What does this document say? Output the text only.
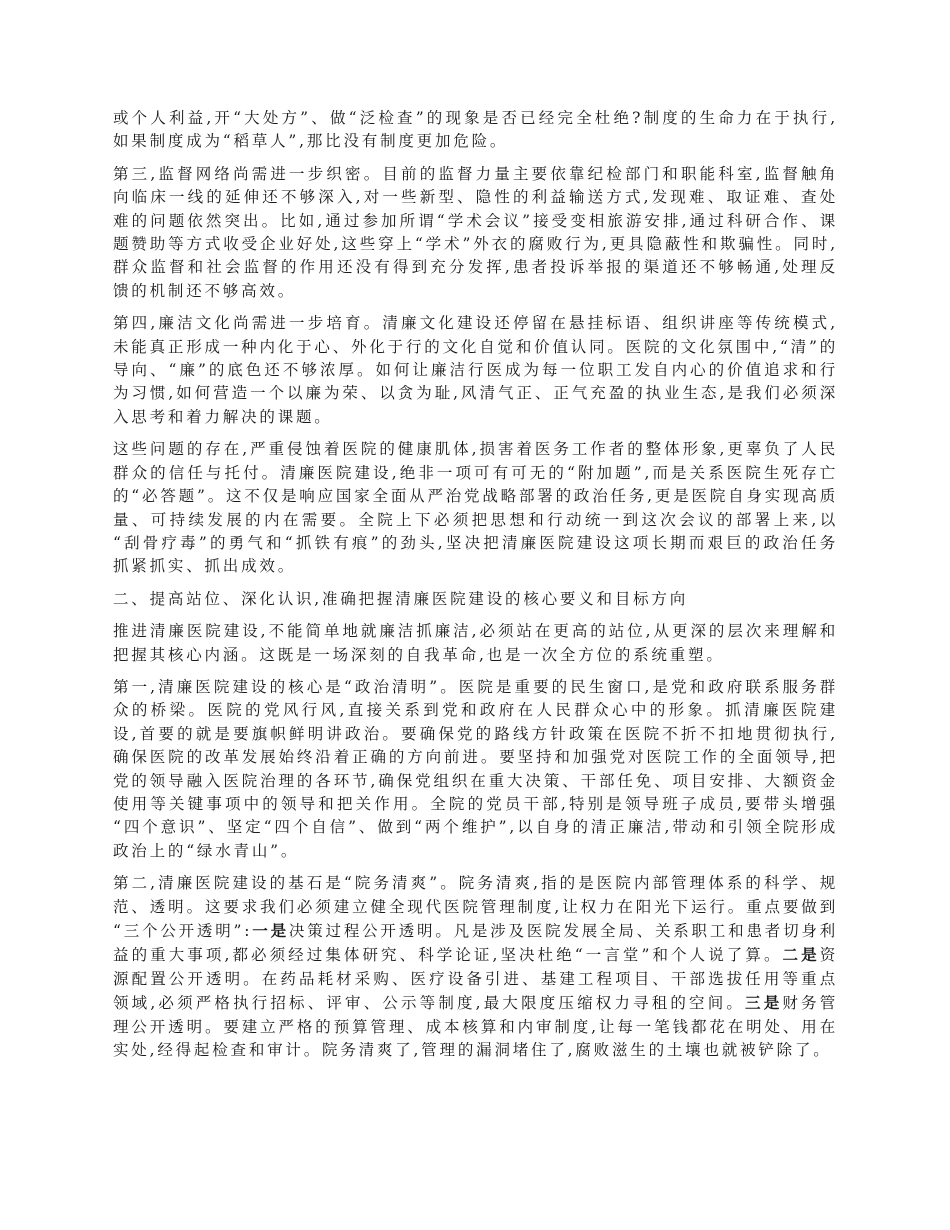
或个人利益,开“大处方”、做“泛检查”的现象是否已经完全杜绝?制度的生命力在于执行,如果制度成为“稻草人”,那比没有制度更加危险。

第三,监督网络尚需进一步织密。目前的监督力量主要依靠纪检部门和职能科室,监督触角向临床一线的延伸还不够深入,对一些新型、隐性的利益输送方式,发现难、取证难、查处难的问题依然突出。比如,通过参加所谓“学术会议”接受变相旅游安排,通过科研合作、课题赞助等方式收受企业好处,这些穿上“学术”外衣的腐败行为,更具隐蔽性和欺骗性。同时,群众监督和社会监督的作用还没有得到充分发挥,患者投诉举报的渠道还不够畅通,处理反馈的机制还不够高效。

第四,廉洁文化尚需进一步培育。清廉文化建设还停留在悬挂标语、组织讲座等传统模式,未能真正形成一种内化于心、外化于行的文化自觉和价值认同。医院的文化氛围中,“清”的导向、“廉”的底色还不够浓厚。如何让廉洁行医成为每一位职工发自内心的价值追求和行为习惯,如何营造一个以廉为荣、以贪为耻,风清气正、正气充盈的执业生态,是我们必须深入思考和着力解决的课题。

这些问题的存在,严重侵蚀着医院的健康肌体,损害着医务工作者的整体形象,更辜负了人民群众的信任与托付。清廉医院建设,绝非一项可有可无的“附加题”,而是关系医院生死存亡的“必答题”。这不仅是响应国家全面从严治党战略部署的政治任务,更是医院自身实现高质量、可持续发展的内在需要。全院上下必须把思想和行动统一到这次会议的部署上来,以“刮骨疗毒”的勇气和“抓铁有痕”的劲头,坚决把清廉医院建设这项长期而艰巨的政治任务抓紧抓实、抓出成效。

二、提高站位、深化认识,准确把握清廉医院建设的核心要义和目标方向

推进清廉医院建设,不能简单地就廉洁抓廉洁,必须站在更高的站位,从更深的层次来理解和把握其核心内涵。这既是一场深刻的自我革命,也是一次全方位的系统重塑。

第一,清廉医院建设的核心是“政治清明”。医院是重要的民生窗口,是党和政府联系服务群众的桥梁。医院的党风行风,直接关系到党和政府在人民群众心中的形象。抓清廉医院建设,首要的就是要旗帜鲜明讲政治。要确保党的路线方针政策在医院不折不扣地贯彻执行,确保医院的改革发展始终沿着正确的方向前进。要坚持和加强党对医院工作的全面领导,把党的领导融入医院治理的各环节,确保党组织在重大决策、干部任免、项目安排、大额资金使用等关键事项中的领导和把关作用。全院的党员干部,特别是领导班子成员,要带头增强“四个意识”、坚定“四个自信”、做到“两个维护”,以自身的清正廉洁,带动和引领全院形成政治上的“绿水青山”。

第二,清廉医院建设的基石是“院务清爽”。院务清爽,指的是医院内部管理体系的科学、规范、透明。这要求我们必须建立健全现代医院管理制度,让权力在阳光下运行。重点要做到“三个公开透明”:一是决策过程公开透明。凡是涉及医院发展全局、关系职工和患者切身利益的重大事项,都必须经过集体研究、科学论证,坚决杜绝“一言堂”和个人说了算。二是资源配置公开透明。在药品耗材采购、医疗设备引进、基建工程项目、干部选拔任用等重点领域,必须严格执行招标、评审、公示等制度,最大限度压缩权力寻租的空间。三是财务管理公开透明。要建立严格的预算管理、成本核算和内审制度,让每一笔钱都花在明处、用在实处,经得起检查和审计。院务清爽了,管理的漏洞堵住了,腐败滋生的土壤也就被铲除了。
